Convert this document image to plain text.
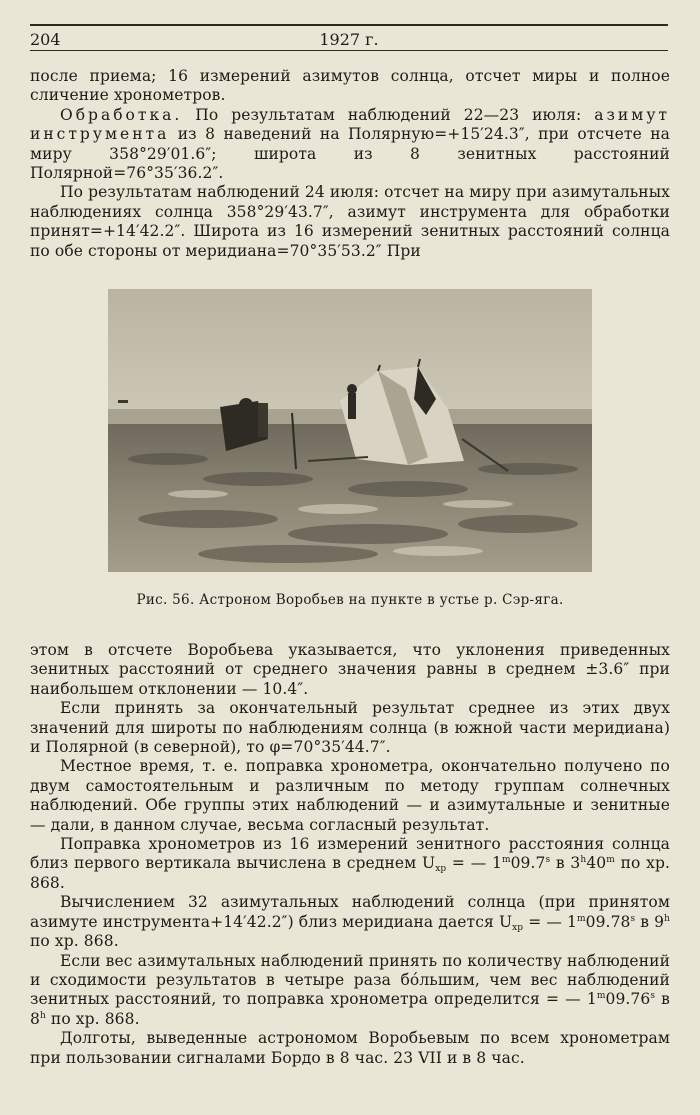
204	1927 г.

после приема; 16 измерений азимутов солнца, отсчет миры и полное сличение хронометров.

Обработка. По результатам наблюдений 22—23 июля: азимут инструмента из 8 наведений на Полярную=+15′24.3″, при отсчете на миру 358°29′01.6″; широта из 8 зенитных расстояний Полярной=76°35′36.2″.

По результатам наблюдений 24 июля: отсчет на миру при азимутальных наблюдениях солнца 358°29′43.7″, азимут инструмента для обработки принят=+14′42.2″. Широта из 16 измерений зенитных расстояний солнца по обе стороны от меридиана=70°35′53.2″ При

Рис. 56. Астроном Воробьев на пункте в устье р. Сэр-яга.

этом в отсчете Воробьева указывается, что уклонения приведенных зенитных расстояний от среднего значения равны в среднем ±3.6″ при наибольшем отклонении — 10.4″.

Если принять за окончательный результат среднее из этих двух значений для широты по наблюдениям солнца (в южной части меридиана) и Полярной (в северной), то φ=70°35′44.7″.

Местное время, т. е. поправка хронометра, окончательно получено по двум самостоятельным и различным по методу группам солнечных наблюдений. Обе группы этих наблюдений — и азимутальные и зенитные — дали, в данном случае, весьма согласный результат.

Поправка хронометров из 16 измерений зенитного расстояния солнца близ первого вертикала вычислена в среднем $U_{хр}$ = — 1$^m$09.7$^s$ в 3$^h$40$^m$ по хр. 868.

Вычислением 32 азимутальных наблюдений солнца (при принятом азимуте инструмента+14′42.2″) близ меридиана дается $U_{хр}$ = — 1$^m$09.78$^s$ в 9$^h$ по хр. 868.

Если вес азимутальных наблюдений принять по количеству наблюдений и сходимости результатов в четыре раза бо́льшим, чем вес наблюдений зенитных расстояний, то поправка хронометра определится = — 1$^m$09.76$^s$ в 8$^h$ по хр. 868.

Долготы, выведенные астрономом Воробьевым по всем хронометрам при пользовании сигналами Бордо в 8 час. 23 VII и в 8 час.
